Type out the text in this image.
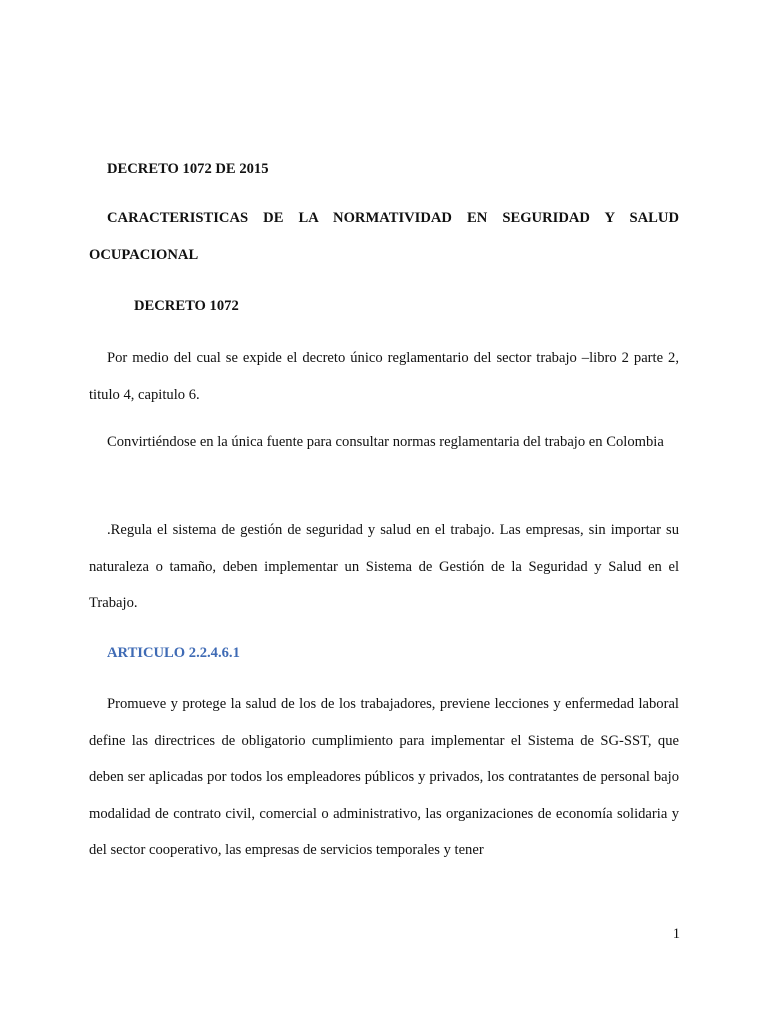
DECRETO 1072 DE 2015

CARACTERISTICAS DE LA NORMATIVIDAD EN SEGURIDAD Y SALUD OCUPACIONAL

DECRETO 1072

Por medio del cual se expide el decreto único reglamentario del sector trabajo –libro 2 parte 2, titulo 4, capitulo 6.

Convirtiéndose en la única fuente para consultar normas reglamentaria del trabajo en Colombia

.Regula el sistema de gestión de seguridad y salud en el trabajo. Las empresas, sin importar su naturaleza o tamaño, deben implementar un Sistema de Gestión de la Seguridad y Salud en el Trabajo.

ARTICULO 2.2.4.6.1

Promueve y protege la salud de los de los trabajadores, previene lecciones y enfermedad laboral define las directrices de obligatorio cumplimiento para implementar el Sistema de SG-SST, que deben ser aplicadas por todos los empleadores públicos y privados, los contratantes de personal bajo modalidad de contrato civil, comercial o administrativo, las organizaciones de economía solidaria y del sector cooperativo, las empresas de servicios temporales y tener

1
